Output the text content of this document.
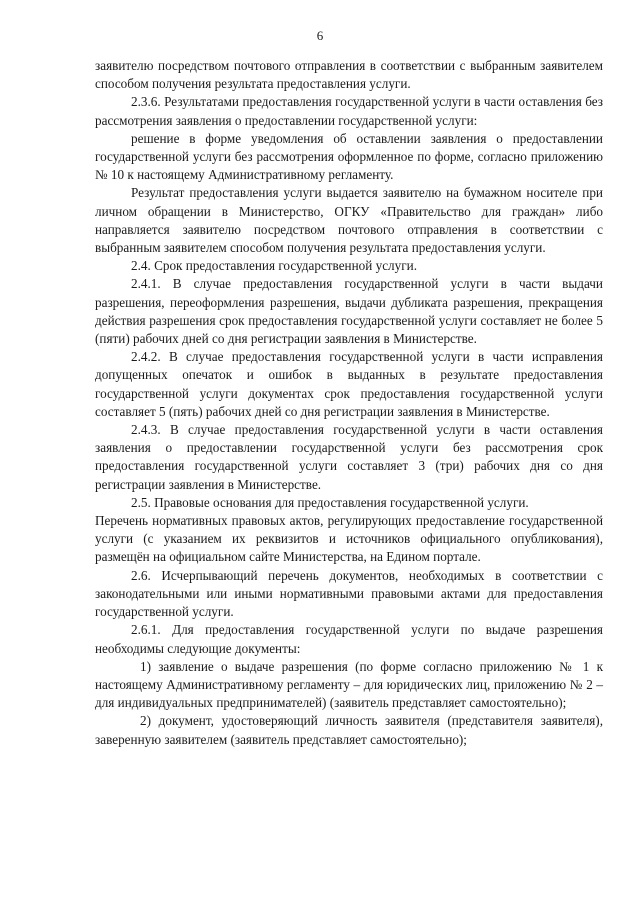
6

заявителю посредством почтового отправления в соответствии с выбранным заявителем способом получения результата предоставления услуги.

2.3.6. Результатами предоставления государственной услуги в части оставления без рассмотрения заявления о предоставлении государственной услуги:

решение в форме уведомления об оставлении заявления о предоставлении государственной услуги без рассмотрения оформленное по форме, согласно приложению № 10 к настоящему Административному регламенту.

Результат предоставления услуги выдается заявителю на бумажном носителе при личном обращении в Министерство, ОГКУ «Правительство для граждан» либо направляется заявителю посредством почтового отправления в соответствии с выбранным заявителем способом получения результата предоставления услуги.

2.4. Срок предоставления государственной услуги.

2.4.1. В случае предоставления государственной услуги в части выдачи разрешения, переоформления разрешения, выдачи дубликата разрешения, прекращения действия разрешения срок предоставления государственной услуги составляет не более 5 (пяти) рабочих дней со дня регистрации заявления в Министерстве.

2.4.2. В случае предоставления государственной услуги в части исправления допущенных опечаток и ошибок в выданных в результате предоставления государственной услуги документах срок предоставления государственной услуги составляет 5 (пять) рабочих дней со дня регистрации заявления в Министерстве.

2.4.3. В случае предоставления государственной услуги в части оставления заявления о предоставлении государственной услуги без рассмотрения срок предоставления государственной услуги составляет 3 (три) рабочих дня со дня регистрации заявления в Министерстве.

2.5. Правовые основания для предоставления государственной услуги.

Перечень нормативных правовых актов, регулирующих предоставление государственной услуги (с указанием их реквизитов и источников официального опубликования), размещён на официальном сайте Министерства, на Едином портале.

2.6. Исчерпывающий перечень документов, необходимых в соответствии с законодательными или иными нормативными правовыми актами для предоставления государственной услуги.

2.6.1. Для предоставления государственной услуги по выдаче разрешения необходимы следующие документы:

1) заявление о выдаче разрешения (по форме согласно приложению № 1 к настоящему Административному регламенту – для юридических лиц, приложению № 2 – для индивидуальных предпринимателей) (заявитель представляет самостоятельно);

2) документ, удостоверяющий личность заявителя (представителя заявителя), заверенную заявителем (заявитель представляет самостоятельно);
